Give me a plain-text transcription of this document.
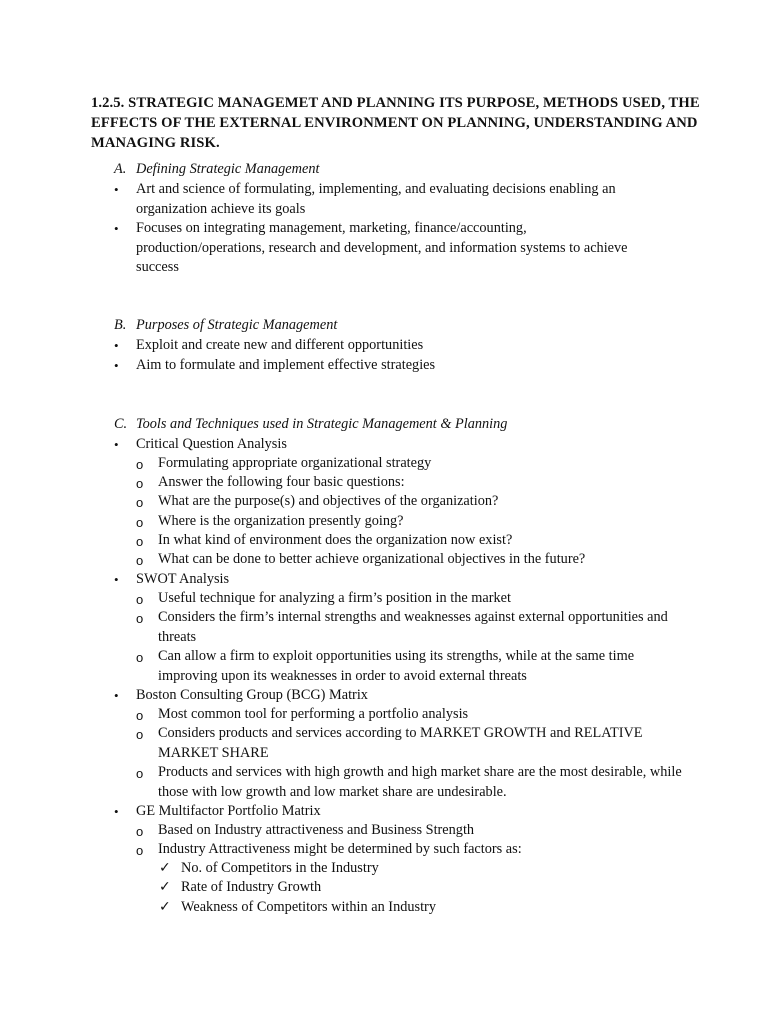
1.2.5. STRATEGIC MANAGEMET AND PLANNING ITS PURPOSE, METHODS USED, THE EFFECTS OF THE EXTERNAL ENVIRONMENT ON PLANNING, UNDERSTANDING AND MANAGING RISK.

A. Defining Strategic Management

•	Art and science of formulating, implementing, and evaluating decisions enabling an organization achieve its goals
•	Focuses on integrating management, marketing, finance/accounting, production/operations, research and development, and information systems to achieve success

B. Purposes of Strategic Management

•	Exploit and create new and different opportunities
•	Aim to formulate and implement effective strategies

C. Tools and Techniques used in Strategic Management & Planning

•	Critical Question Analysis
o	Formulating appropriate organizational strategy
o	Answer the following four basic questions:
o	What are the purpose(s) and objectives of the organization?
o	Where is the organization presently going?
o	In what kind of environment does the organization now exist?
o	What can be done to better achieve organizational objectives in the future?
•	SWOT Analysis
o	Useful technique for analyzing a firm’s position in the market
o	Considers the firm’s internal strengths and weaknesses against external opportunities and threats
o	Can allow a firm to exploit opportunities using its strengths, while at the same time improving upon its weaknesses in order to avoid external threats
•	Boston Consulting Group (BCG) Matrix
o	Most common tool for performing a portfolio analysis
o	Considers products and services according to MARKET GROWTH and RELATIVE MARKET SHARE
o	Products and services with high growth and high market share are the most desirable, while those with low growth and low market share are undesirable.
•	GE Multifactor Portfolio Matrix
o	Based on Industry attractiveness and Business Strength
o	Industry Attractiveness might be determined by such factors as:
✓ No. of Competitors in the Industry
✓ Rate of Industry Growth
✓ Weakness of Competitors within an Industry
